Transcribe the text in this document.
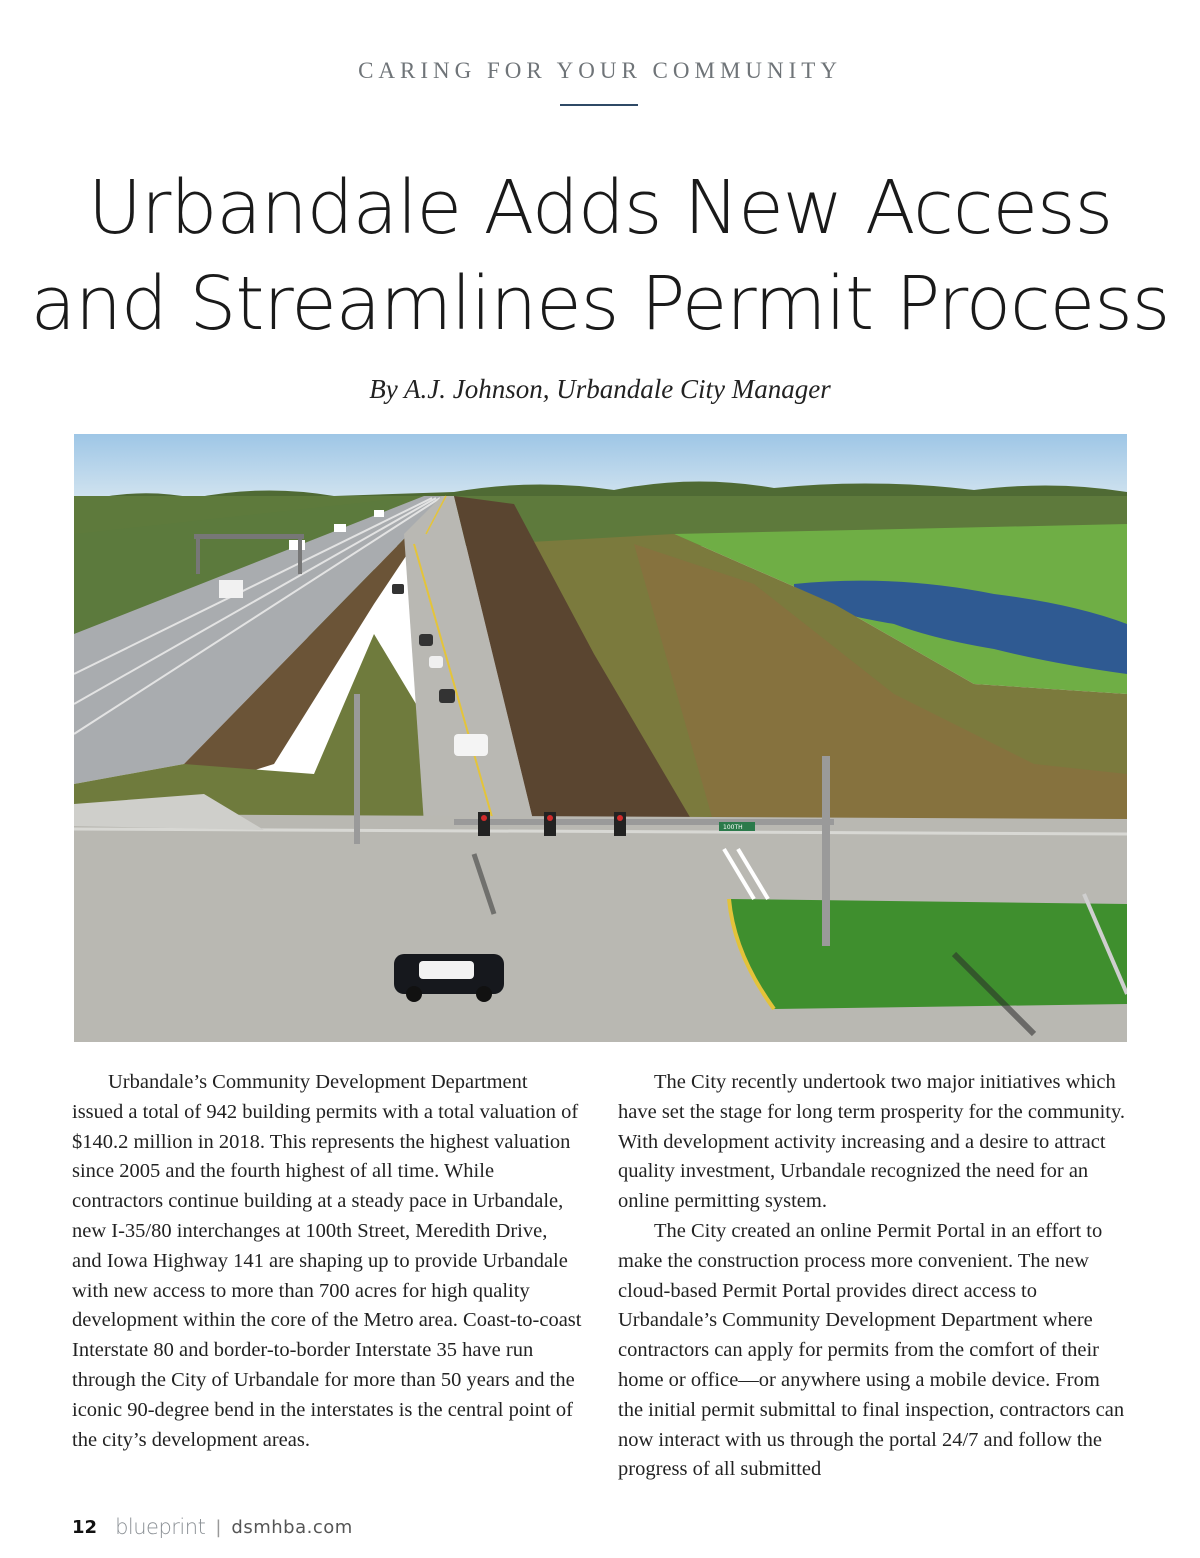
CARING FOR YOUR COMMUNITY
Urbandale Adds New Access
and Streamlines Permit Process
By A.J. Johnson, Urbandale City Manager
100TH

Urbandale’s Community Development Department issued a total of 942 building permits with a total valuation of $140.2 million in 2018. This represents the highest valuation since 2005 and the fourth highest of all time. While contractors continue building at a steady pace in Urbandale, new I-35/80 interchanges at 100th Street, Meredith Drive, and Iowa Highway 141 are shaping up to provide Urbandale with new access to more than 700 acres for high quality development within the core of the Metro area. Coast-to-coast Interstate 80 and border-to-border Interstate 35 have run through the City of Urbandale for more than 50 years and the iconic 90-degree bend in the interstates is the central point of the city’s development areas.

The City recently undertook two major initiatives which have set the stage for long term prosperity for the community. With development activity increasing and a desire to attract quality investment, Urbandale recognized the need for an online permitting system.

The City created an online Permit Portal in an effort to make the construction process more convenient. The new cloud-based Permit Portal provides direct access to Urbandale’s Community Development Department where contractors can apply for permits from the comfort of their home or office—or anywhere using a mobile device. From the initial permit submittal to final inspection, contractors can now interact with us through the portal 24/7 and follow the progress of all submitted

12 blueprint | dsmhba.com
